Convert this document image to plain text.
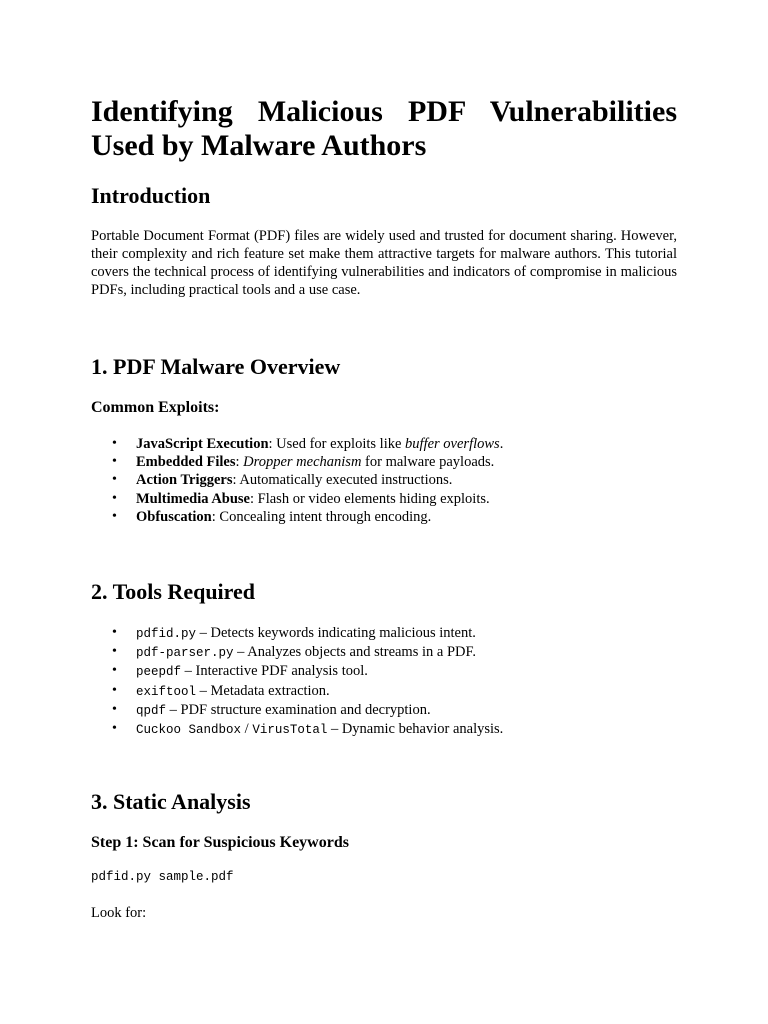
Identifying Malicious PDF Vulnerabilities Used by Malware Authors
Introduction

Portable Document Format (PDF) files are widely used and trusted for document sharing. However, their complexity and rich feature set make them attractive targets for malware authors. This tutorial covers the technical process of identifying vulnerabilities and indicators of compromise in malicious PDFs, including practical tools and a use case.

1. PDF Malware Overview
Common Exploits:
• JavaScript Execution: Used for exploits like buffer overflows.
• Embedded Files: Dropper mechanism for malware payloads.
• Action Triggers: Automatically executed instructions.
• Multimedia Abuse: Flash or video elements hiding exploits.
• Obfuscation: Concealing intent through encoding.
2. Tools Required
• pdfid.py – Detects keywords indicating malicious intent.
• pdf-parser.py – Analyzes objects and streams in a PDF.
• peepdf – Interactive PDF analysis tool.
• exiftool – Metadata extraction.
• qpdf – PDF structure examination and decryption.
• Cuckoo Sandbox / VirusTotal – Dynamic behavior analysis.
3. Static Analysis
Step 1: Scan for Suspicious Keywords
pdfid.py sample.pdf

Look for:
